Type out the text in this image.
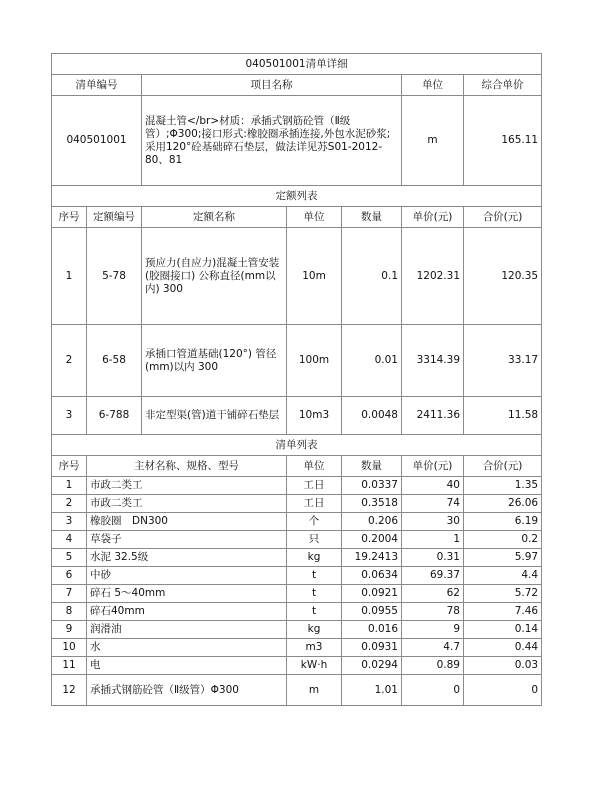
040501001清单详细						
清单编号		项目名称			单位	综合单价
040501001		混凝土管</br>材质：承插式钢筋砼管（Ⅱ级管）;Φ300;接口形式:橡胶圈承插连接,外包水泥砂浆;采用120°砼基础碎石垫层，做法详见苏S01-2012-80、81			m	165.11
定额列表						
序号	定额编号	定额名称	单位	数量	单价(元)	合价(元)
1	5-78	预应力(自应力)混凝土管安装(胶圈接口) 公称直径(mm以内) 300	10m	0.1	1202.31	120.35
2	6-58	承插口管道基础(120°) 管径(mm)以内 300	100m	0.01	3314.39	33.17
3	6-788	非定型渠(管)道干铺碎石垫层	10m3	0.0048	2411.36	11.58
清单列表						
序号	主材名称、规格、型号		单位	数量	单价(元)	合价(元)
1	市政二类工		工日	0.0337	40	1.35
2	市政二类工		工日	0.3518	74	26.06
3	橡胶圈　DN300		个	0.206	30	6.19
4	草袋子		只	0.2004	1	0.2
5	水泥 32.5级		kg	19.2413	0.31	5.97
6	中砂		t	0.0634	69.37	4.4
7	碎石 5～40mm		t	0.0921	62	5.72
8	碎石40mm		t	0.0955	78	7.46
9	润滑油		kg	0.016	9	0.14
10	水		m3	0.0931	4.7	0.44
11	电		kW·h	0.0294	0.89	0.03
12	承插式钢筋砼管（Ⅱ级管）Φ300		m	1.01	0	0
